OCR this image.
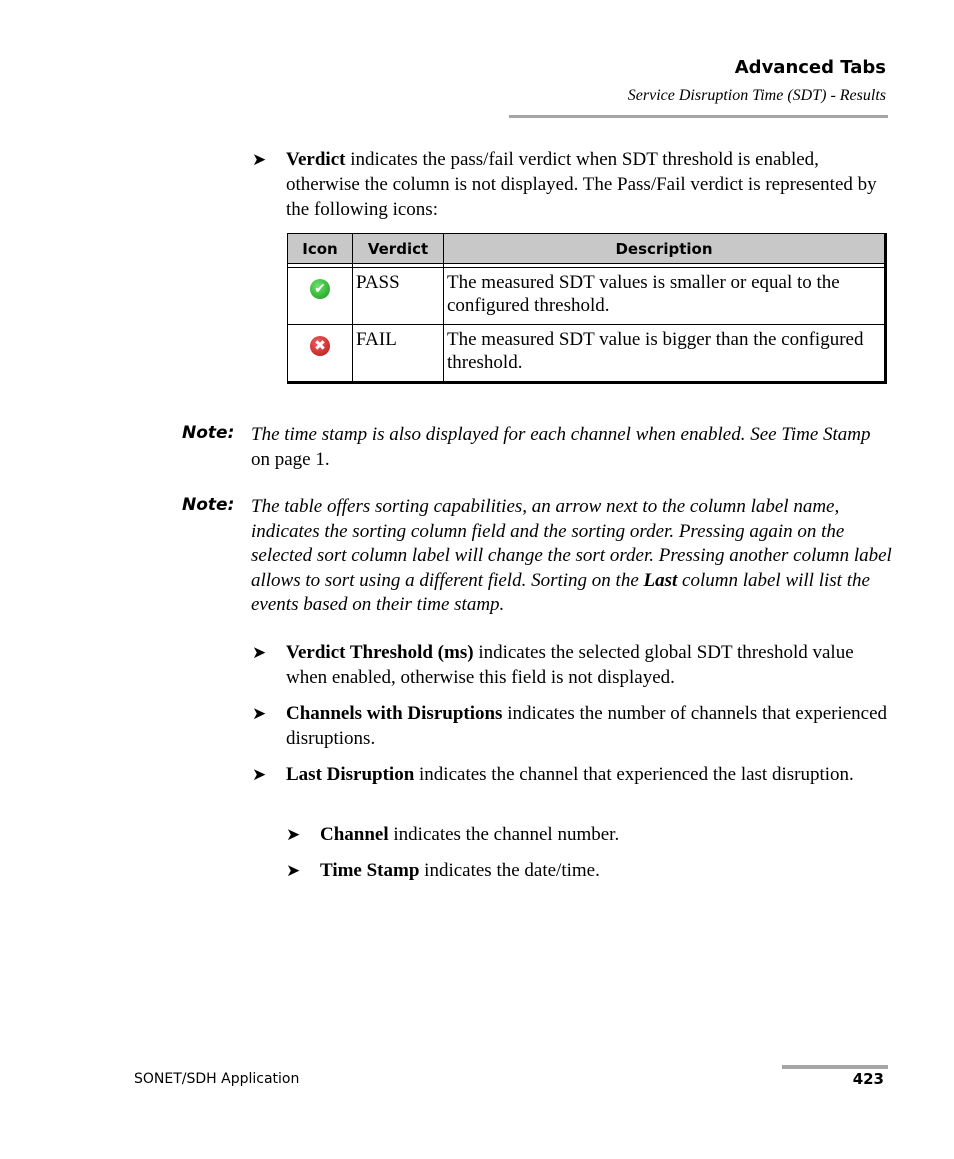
Advanced Tabs
Service Disruption Time (SDT) - Results
➤ Verdict indicates the pass/fail verdict when SDT threshold is enabled, otherwise the column is not displayed. The Pass/Fail verdict is represented by the following icons:
Icon	Verdict	Description

✔	PASS	The measured SDT values is smaller or equal to the configured threshold.
✖	FAIL	The measured SDT value is bigger than the configured threshold.
Note: The time stamp is also displayed for each channel when enabled. See Time Stamp on page 1.
Note: The table offers sorting capabilities, an arrow next to the column label name, indicates the sorting column field and the sorting order. Pressing again on the selected sort column label will change the sort order. Pressing another column label allows to sort using a different field. Sorting on the Last column label will list the events based on their time stamp.
➤ Verdict Threshold (ms) indicates the selected global SDT threshold value when enabled, otherwise this field is not displayed.
➤ Channels with Disruptions indicates the number of channels that experienced disruptions.
➤ Last Disruption indicates the channel that experienced the last disruption.
➤ Channel indicates the channel number.
➤ Time Stamp indicates the date/time.
SONET/SDH Application	423
